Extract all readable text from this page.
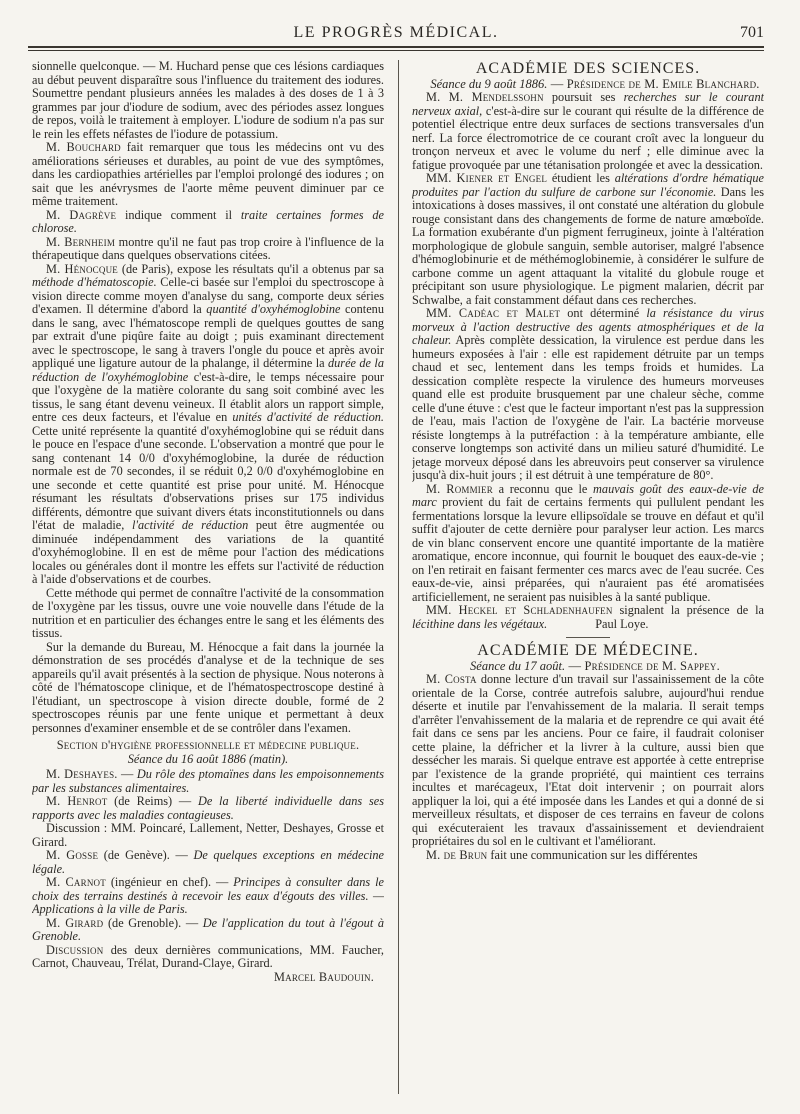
LE PROGRÈS MÉDICAL.	701

sionnelle quelconque. — M. Huchard pense que ces lésions cardiaques au début peuvent disparaître sous l'influence du traitement des iodures. Soumettre pendant plusieurs années les malades à des doses de 1 à 3 grammes par jour d'iodure de sodium, avec des périodes assez longues de repos, voilà le traitement à employer. L'iodure de sodium n'a pas sur le rein les effets néfastes de l'iodure de potassium.

M. Bouchard fait remarquer que tous les médecins ont vu des améliorations sérieuses et durables, au point de vue des symptômes, dans les cardiopathies artérielles par l'emploi prolongé des iodures ; on sait que les anévrysmes de l'aorte même peuvent diminuer par ce même traitement.

M. Dagrève indique comment il traite certaines formes de chlorose.

M. Bernheim montre qu'il ne faut pas trop croire à l'influence de la thérapeutique dans quelques observations citées.

M. Hénocque (de Paris), expose les résultats qu'il a obtenus par sa méthode d'hématoscopie. Celle-ci basée sur l'emploi du spectroscope à vision directe comme moyen d'analyse du sang, comporte deux séries d'examen. Il détermine d'abord la quantité d'oxyhémoglobine contenu dans le sang, avec l'hématoscope rempli de quelques gouttes de sang par extrait d'une piqûre faite au doigt ; puis examinant directement avec le spectroscope, le sang à travers l'ongle du pouce et après avoir appliqué une ligature autour de la phalange, il détermine la durée de la réduction de l'oxyhémoglobine c'est-à-dire, le temps nécessaire pour que l'oxygène de la matière colorante du sang soit combiné avec les tissus, le sang étant devenu veineux. Il établit alors un rapport simple, entre ces deux facteurs, et l'évalue en unités d'activité de réduction. Cette unité représente la quantité d'oxyhémoglobine qui se réduit dans le pouce en l'espace d'une seconde. L'observation a montré que pour le sang contenant 14 0/0 d'oxyhémoglobine, la durée de réduction normale est de 70 secondes, il se réduit 0,2 0/0 d'oxyhémoglobine en une seconde et cette quantité est prise pour unité. M. Hénocque résumant les résultats d'observations prises sur 175 individus différents, démontre que suivant divers états inconstitutionnels ou dans l'état de maladie, l'activité de réduction peut être augmentée ou diminuée indépendamment des variations de la quantité d'oxyhémoglobine. Il en est de même pour l'action des médications locales ou générales dont il montre les effets sur l'activité de réduction à l'aide d'observations et de courbes.

Cette méthode qui permet de connaître l'activité de la consommation de l'oxygène par les tissus, ouvre une voie nouvelle dans l'étude de la nutrition et en particulier des échanges entre le sang et les éléments des tissus.

Sur la demande du Bureau, M. Hénocque a fait dans la journée la démonstration de ses procédés d'analyse et de la technique de ses appareils qu'il avait présentés à la section de physique. Nous noterons à côté de l'hématoscope clinique, et de l'hématospectroscope destiné à l'étudiant, un spectroscope à vision directe double, formé de 2 spectroscopes réunis par une fente unique et permettant à deux personnes d'examiner ensemble et de se contrôler dans l'examen.

Section d'hygiène professionnelle et médecine publique.

Séance du 16 août 1886 (matin).

M. Deshayes. — Du rôle des ptomaïnes dans les empoisonnements par les substances alimentaires.

M. Henrot (de Reims) — De la liberté individuelle dans ses rapports avec les maladies contagieuses.

Discussion : MM. Poincaré, Lallement, Netter, Deshayes, Grosse et Girard.

M. Gosse (de Genève). — De quelques exceptions en médecine légale.

M. Carnot (ingénieur en chef). — Principes à consulter dans le choix des terrains destinés à recevoir les eaux d'égouts des villes. — Applications à la ville de Paris.

M. Girard (de Grenoble). — De l'application du tout à l'égout à Grenoble.

Discussion des deux dernières communications, MM. Faucher, Carnot, Chauveau, Trélat, Durand-Claye, Girard.

Marcel Baudouin.

ACADÉMIE DES SCIENCES.

Séance du 9 août 1886. — Présidence de M. Emile Blanchard.

M. M. Mendelssohn poursuit ses recherches sur le courant nerveux axial, c'est-à-dire sur le courant qui résulte de la différence de potentiel électrique entre deux surfaces de sections transversales d'un nerf. La force électromotrice de ce courant croît avec la longueur du tronçon nerveux et avec le volume du nerf ; elle diminue avec la fatigue provoquée par une tétanisation prolongée et avec la dessication.

MM. Kiener et Engel étudient les altérations d'ordre hématique produites par l'action du sulfure de carbone sur l'économie. Dans les intoxications à doses massives, il ont constaté une altération du globule rouge consistant dans des changements de forme de nature amœboïde. La formation exubérante d'un pigment ferrugineux, jointe à l'altération morphologique de globule sanguin, semble autoriser, malgré l'absence d'hémoglobinurie et de méthémoglobinemie, à considérer le sulfure de carbone comme un agent attaquant la vitalité du globule rouge et précipitant son usure physiologique. Le pigment malarien, décrit par Schwalbe, a fait constamment défaut dans ces recherches.

MM. Cadéac et Malet ont déterminé la résistance du virus morveux à l'action destructive des agents atmosphériques et de la chaleur. Après complète dessication, la virulence est perdue dans les humeurs exposées à l'air : elle est rapidement détruite par un temps chaud et sec, lentement dans les temps froids et humides. La dessication complète respecte la virulence des humeurs morveuses quand elle est produite brusquement par une chaleur sèche, comme celle d'une étuve : c'est que le facteur important n'est pas la suppression de l'eau, mais l'action de l'oxygène de l'air. La bactérie morveuse résiste longtemps à la putréfaction : à la température ambiante, elle conserve longtemps son activité dans un milieu saturé d'humidité. Le jetage morveux déposé dans les abreuvoirs peut conserver sa virulence jusqu'à dix-huit jours ; il est détruit à une température de 80°.

M. Rommier a reconnu que le mauvais goût des eaux-de-vie de marc provient du fait de certains ferments qui pullulent pendant les fermentations lorsque la levure ellipsoïdale se trouve en défaut et qu'il suffit d'ajouter de cette dernière pour paralyser leur action. Les marcs de vin blanc conservent encore une quantité importante de la matière aromatique, encore inconnue, qui fournit le bouquet des eaux-de-vie ; on l'en retirait en faisant fermenter ces marcs avec de l'eau sucrée. Ces eaux-de-vie, ainsi préparées, qui n'auraient pas été aromatisées artificiellement, ne seraient pas nuisibles à la santé publique.

MM. Heckel et Schladenhaufen signalent la présence de la lécithine dans les végétaux.	Paul Loye.

ACADÉMIE DE MÉDECINE.

Séance du 17 août. — Présidence de M. Sappey.

M. Costa donne lecture d'un travail sur l'assainissement de la côte orientale de la Corse, contrée autrefois salubre, aujourd'hui rendue déserte et inutile par l'envahissement de la malaria. Il serait temps d'arrêter l'envahissement de la malaria et de reprendre ce qui avait été fait dans ce sens par les anciens. Pour ce faire, il faudrait coloniser cette plaine, la défricher et la livrer à la culture, aussi bien que dessécher les marais. Si quelque entrave est apportée à cette entreprise par l'existence de la grande propriété, qui maintient ces terrains incultes et marécageux, l'Etat doit intervenir ; on pourrait alors appliquer la loi, qui a été imposée dans les Landes et qui a donné de si merveilleux résultats, et disposer de ces terrains en faveur de colons qui exécuteraient les travaux d'assainissement et deviendraient propriétaires du sol en le cultivant et l'améliorant.

M. de Brun fait une communication sur les différentes
